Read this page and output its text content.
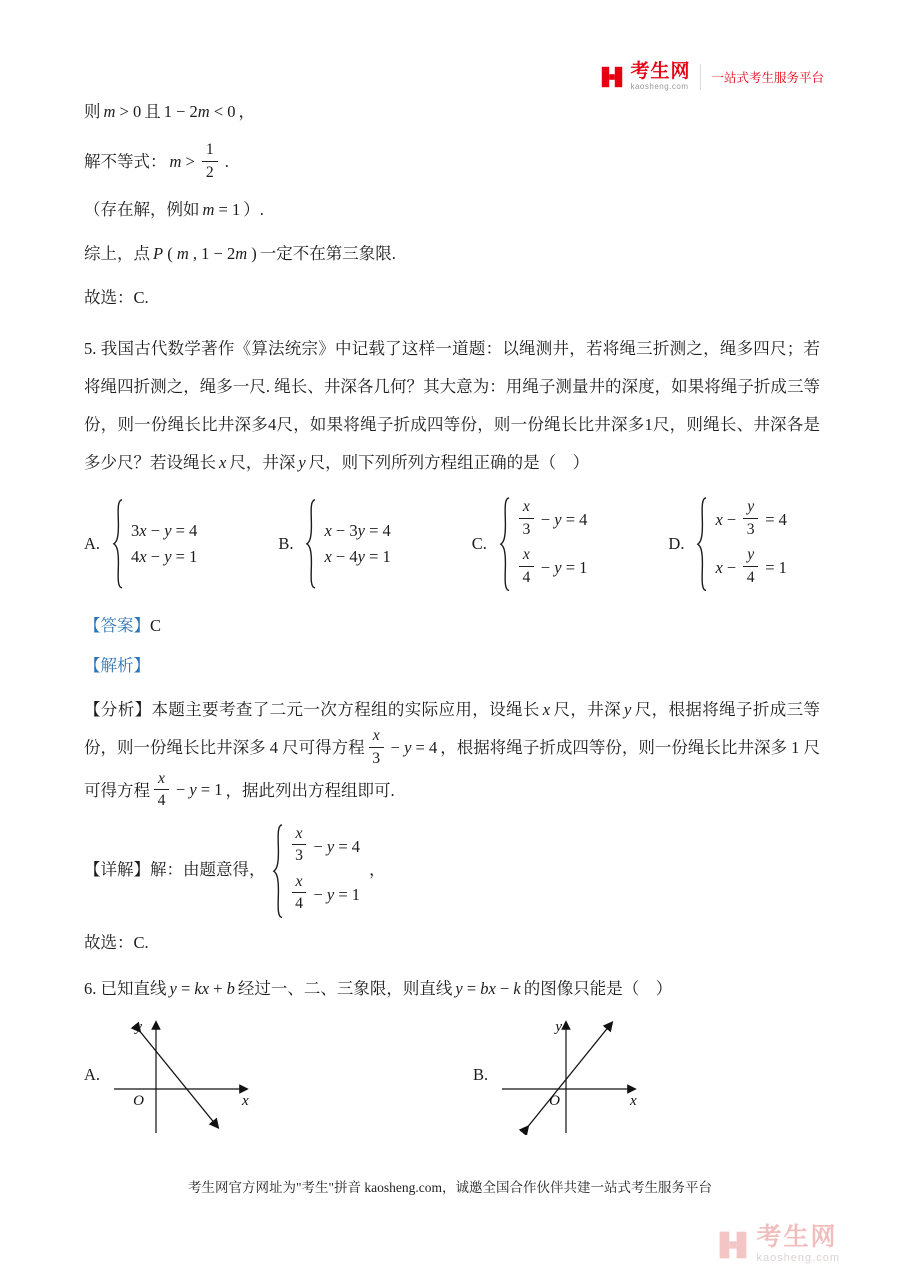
考生网
kaosheng.com
一站式考生服务平台

则 m > 0 且 1 − 2m < 0 ，

解不等式： $m > \frac{1}{2}$ .

（存在解，例如 m = 1 ）.

综上，点 P ( m , 1 − 2m ) 一定不在第三象限.

故选：C.

5. 我国古代数学著作《算法统宗》中记载了这样一道题：以绳测井，若将绳三折测之，绳多四尺；若将绳四折测之，绳多一尺. 绳长、井深各几何？其大意为：用绳子测量井的深度，如果将绳子折成三等份，则一份绳长比井深多4尺，如果将绳子折成四等份，则一份绳长比井深多1尺，则绳长、井深各是多少尺？若设绳长 x 尺，井深 y 尺，则下列所列方程组正确的是（　）

A.
3x − y = 4
4x − y = 1
B.
x − 3y = 4
x − 4y = 1
C.
$\frac{x}{3} - y = 4$
$\frac{x}{4} - y = 1$
D.
$x - \frac{y}{3} = 4$
$x - \frac{y}{4} = 1$

【答案】C

【解析】

【分析】本题主要考查了二元一次方程组的实际应用，设绳长 x 尺，井深 y 尺，根据将绳子折成三等份，则一份绳长比井深多 4 尺可得方程 $\frac{x}{3} - y = 4$ ，根据将绳子折成四等份，则一份绳长比井深多 1 尺可得方程 $\frac{x}{4} - y = 1$ ，据此列出方程组即可.

【详解】解：由题意得，
$\frac{x}{3} - y = 4$
$\frac{x}{4} - y = 1$
，

故选：C.

6. 已知直线 y = kx + b 经过一、二、三象限，则直线 y = bx − k 的图像只能是（　）

A.
y
x
O
B.
y
x
O
考生网官方网址为"考生"拼音 kaosheng.com，诚邀全国合作伙伴共建一站式考生服务平台
考生网
kaosheng.com
